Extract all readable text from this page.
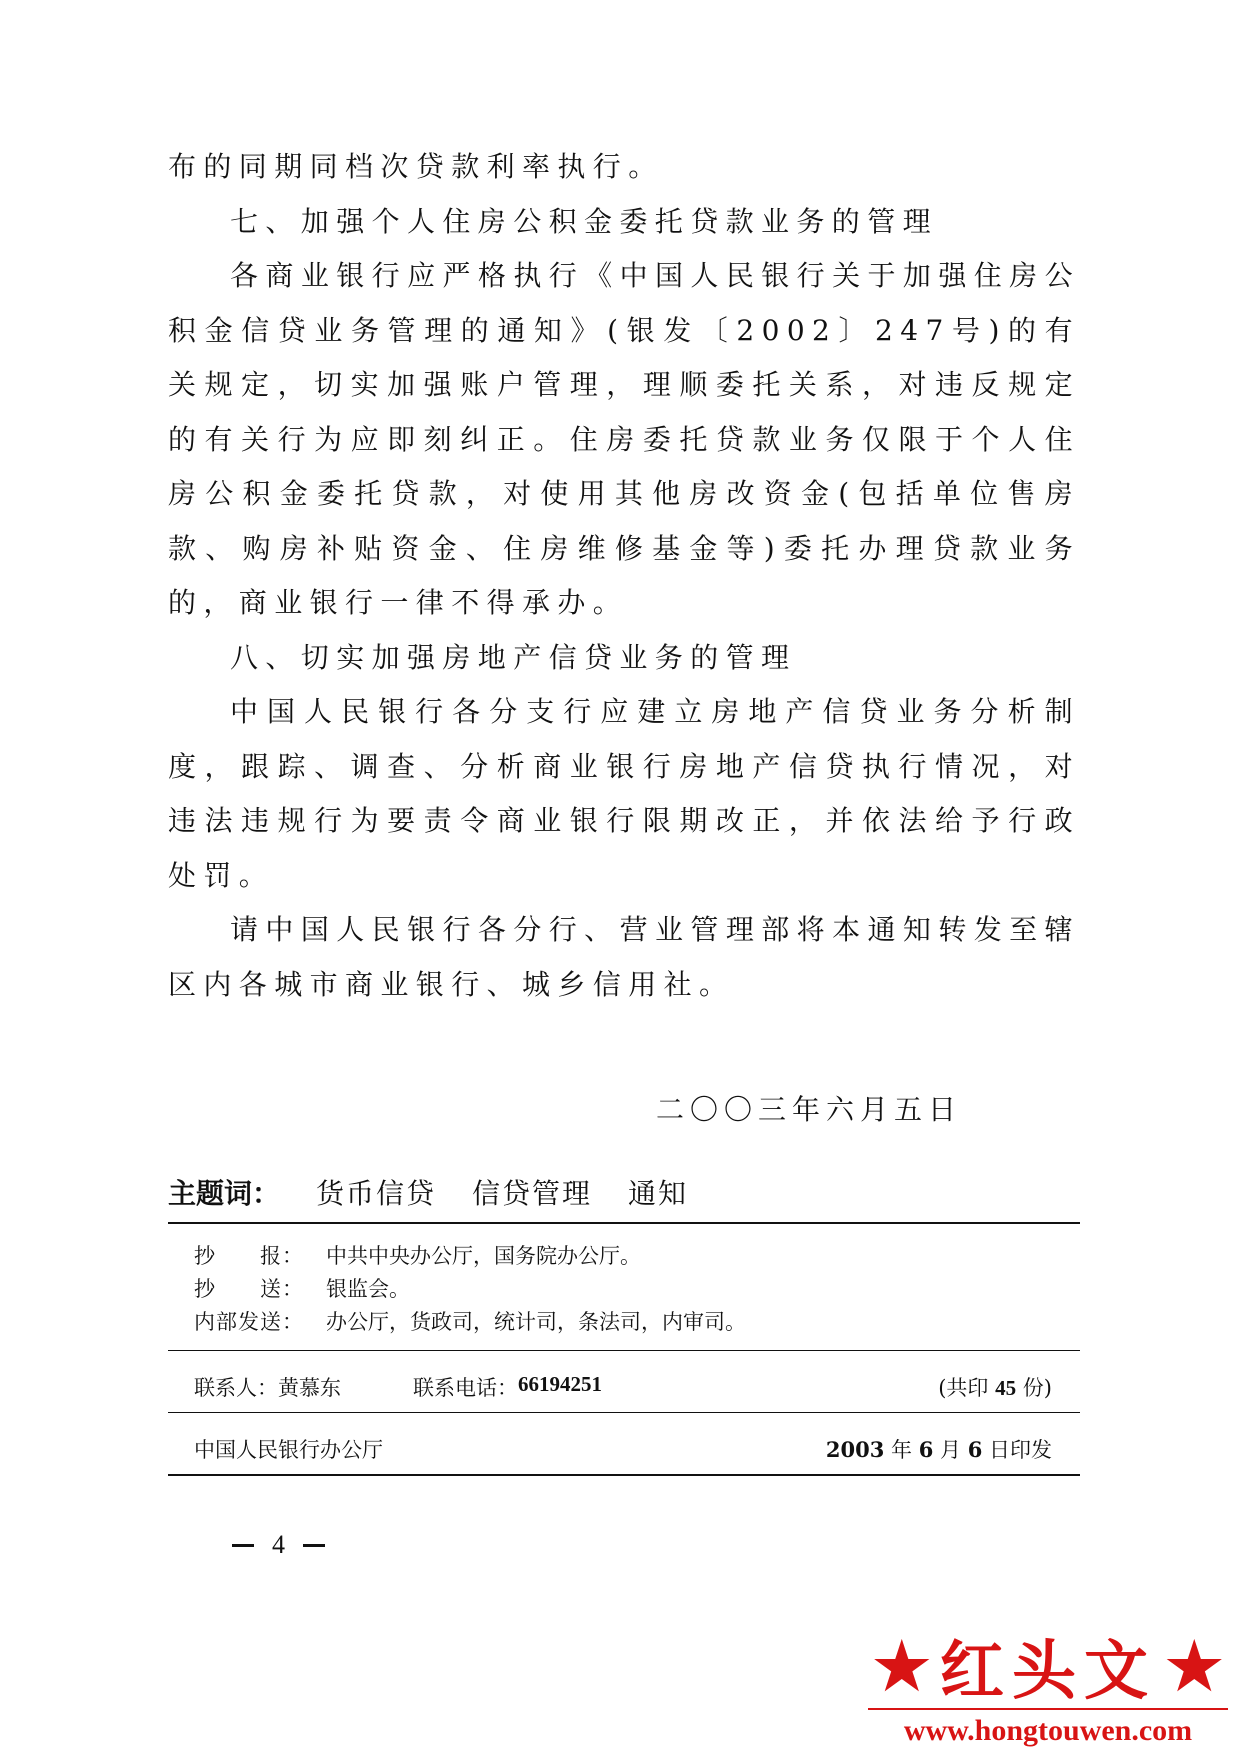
布的同期同档次贷款利率执行。

七、加强个人住房公积金委托贷款业务的管理

各商业银行应严格执行《中国人民银行关于加强住房公积金信贷业务管理的通知》(银发〔2002〕247号)的有关规定，切实加强账户管理，理顺委托关系，对违反规定的有关行为应即刻纠正。住房委托贷款业务仅限于个人住房公积金委托贷款，对使用其他房改资金(包括单位售房款、购房补贴资金、住房维修基金等)委托办理贷款业务的，商业银行一律不得承办。

八、切实加强房地产信贷业务的管理

中国人民银行各分支行应建立房地产信贷业务分析制度，跟踪、调查、分析商业银行房地产信贷执行情况，对违法违规行为要责令商业银行限期改正，并依法给予行政处罚。

请中国人民银行各分行、营业管理部将本通知转发至辖区内各城市商业银行、城乡信用社。

二〇〇三年六月五日
主题词： 货币信贷 信贷管理 通知
抄　　报：	中共中央办公厅，国务院办公厅。
抄　　送：	银监会。
内部发送：	办公厅，货政司，统计司，条法司，内审司。
联系人： 黄慕东	联系电话： 66194251	(共印 45 份)
中国人民银行办公厅	2003 年 6 月 6 日印发
4
★ 红头文 ★
www.hongtouwen.com
